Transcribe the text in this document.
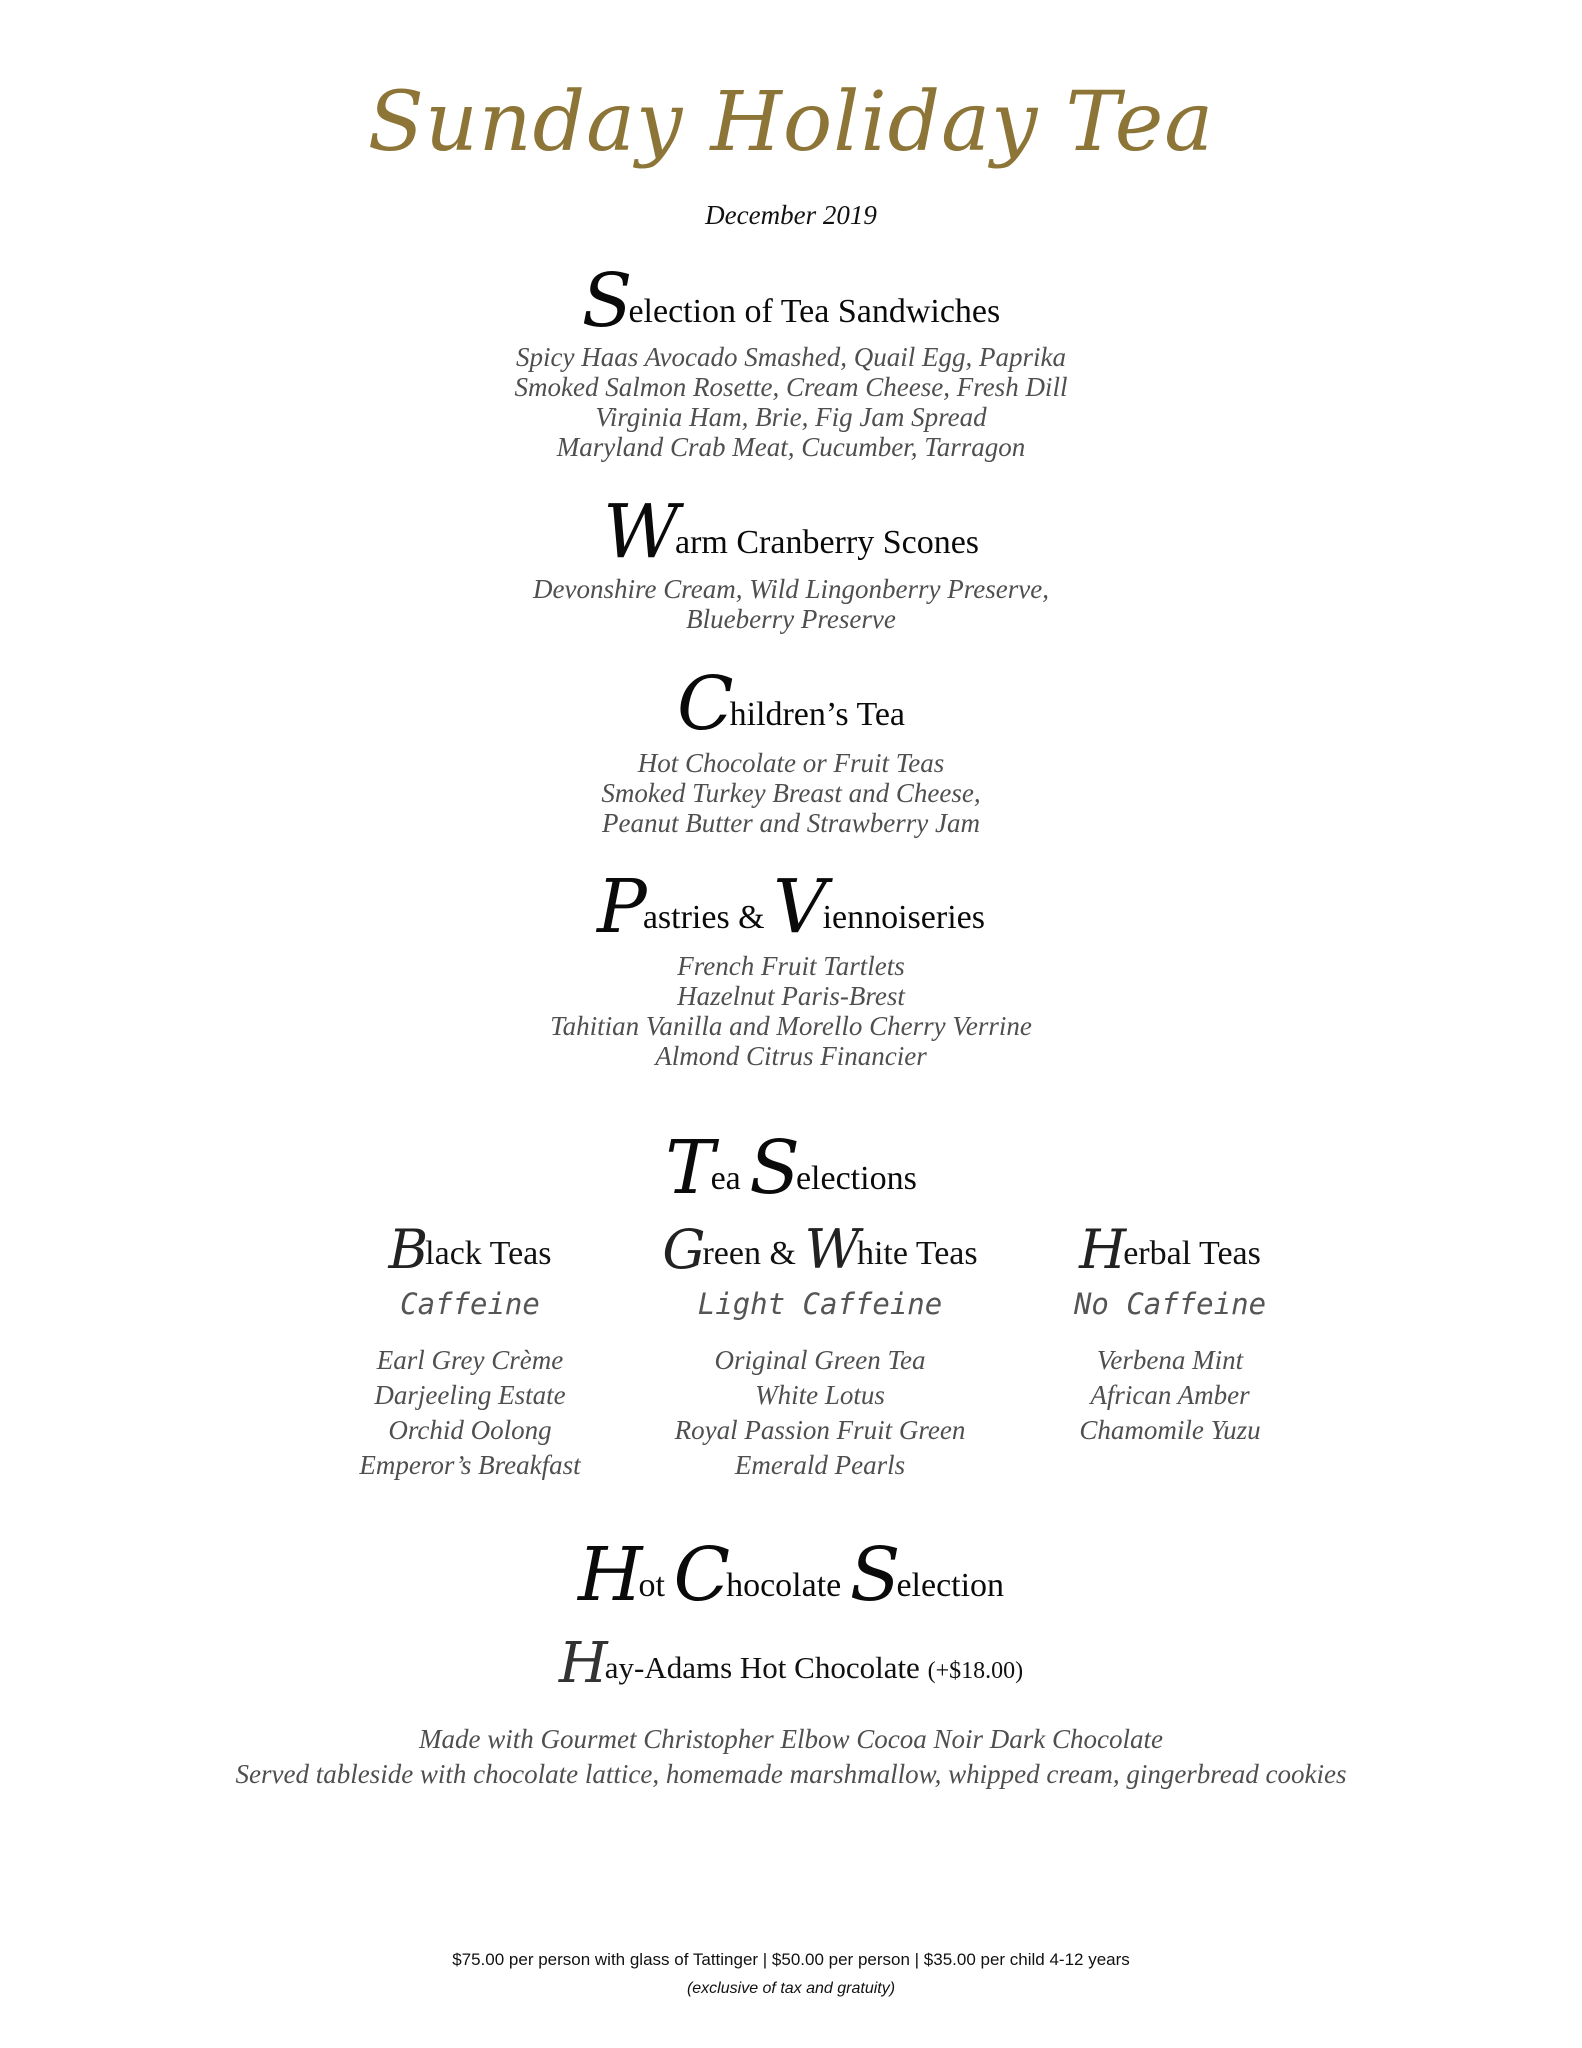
Sunday Holiday Tea
December 2019
Selection of Tea Sandwiches
Spicy Haas Avocado Smashed, Quail Egg, Paprika
Smoked Salmon Rosette, Cream Cheese, Fresh Dill
Virginia Ham, Brie, Fig Jam Spread
Maryland Crab Meat, Cucumber, Tarragon
Warm Cranberry Scones
Devonshire Cream, Wild Lingonberry Preserve,
Blueberry Preserve
Children’s Tea
Hot Chocolate or Fruit Teas
Smoked Turkey Breast and Cheese,
Peanut Butter and Strawberry Jam
Pastries & Viennoiseries
French Fruit Tartlets
Hazelnut Paris-Brest
Tahitian Vanilla and Morello Cherry Verrine
Almond Citrus Financier
Tea Selections
Black Teas
Caffeine
Earl Grey Crème
Darjeeling Estate
Orchid Oolong
Emperor’s Breakfast
Green & White Teas
Light Caffeine
Original Green Tea
White Lotus
Royal Passion Fruit Green
Emerald Pearls
Herbal Teas
No Caffeine
Verbena Mint
African Amber
Chamomile Yuzu
Hot Chocolate Selection
Hay-Adams Hot Chocolate (+$18.00)
Made with Gourmet Christopher Elbow Cocoa Noir Dark Chocolate
Served tableside with chocolate lattice, homemade marshmallow, whipped cream, gingerbread cookies
$75.00 per person with glass of Tattinger | $50.00 per person | $35.00 per child 4-12 years
(exclusive of tax and gratuity)
